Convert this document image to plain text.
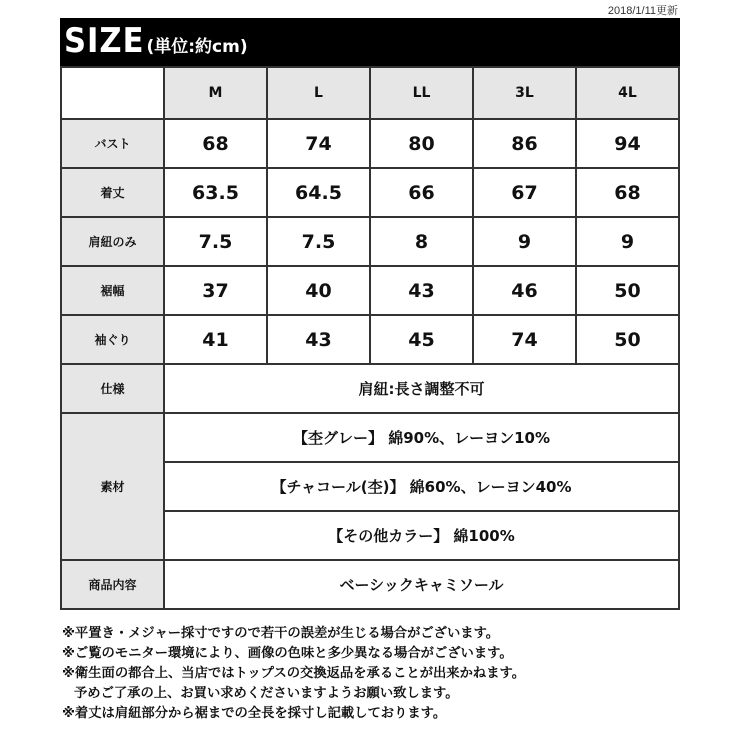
2018/1/11更新
SIZE (単位:約cm)
	M	L	LL	3L	4L
バスト	68	74	80	86	94
着丈	63.5	64.5	66	67	68
肩紐のみ	7.5	7.5	8	9	9
裾幅	37	40	43	46	50
袖ぐり	41	43	45	74	50
仕様	肩紐:長さ調整不可				
素材	【杢グレー】 綿90%、レーヨン10%				
	【チャコール(杢)】 綿60%、レーヨン40%				
	【その他カラー】 綿100%				
商品内容	ベーシックキャミソール				
※平置き・メジャー採寸ですので若干の誤差が生じる場合がございます。
※ご覧のモニター環境により、画像の色味と多少異なる場合がございます。
※衛生面の都合上、当店ではトップスの交換返品を承ることが出来かねます。
予めご了承の上、お買い求めくださいますようお願い致します。
※着丈は肩紐部分から裾までの全長を採寸し記載しております。
